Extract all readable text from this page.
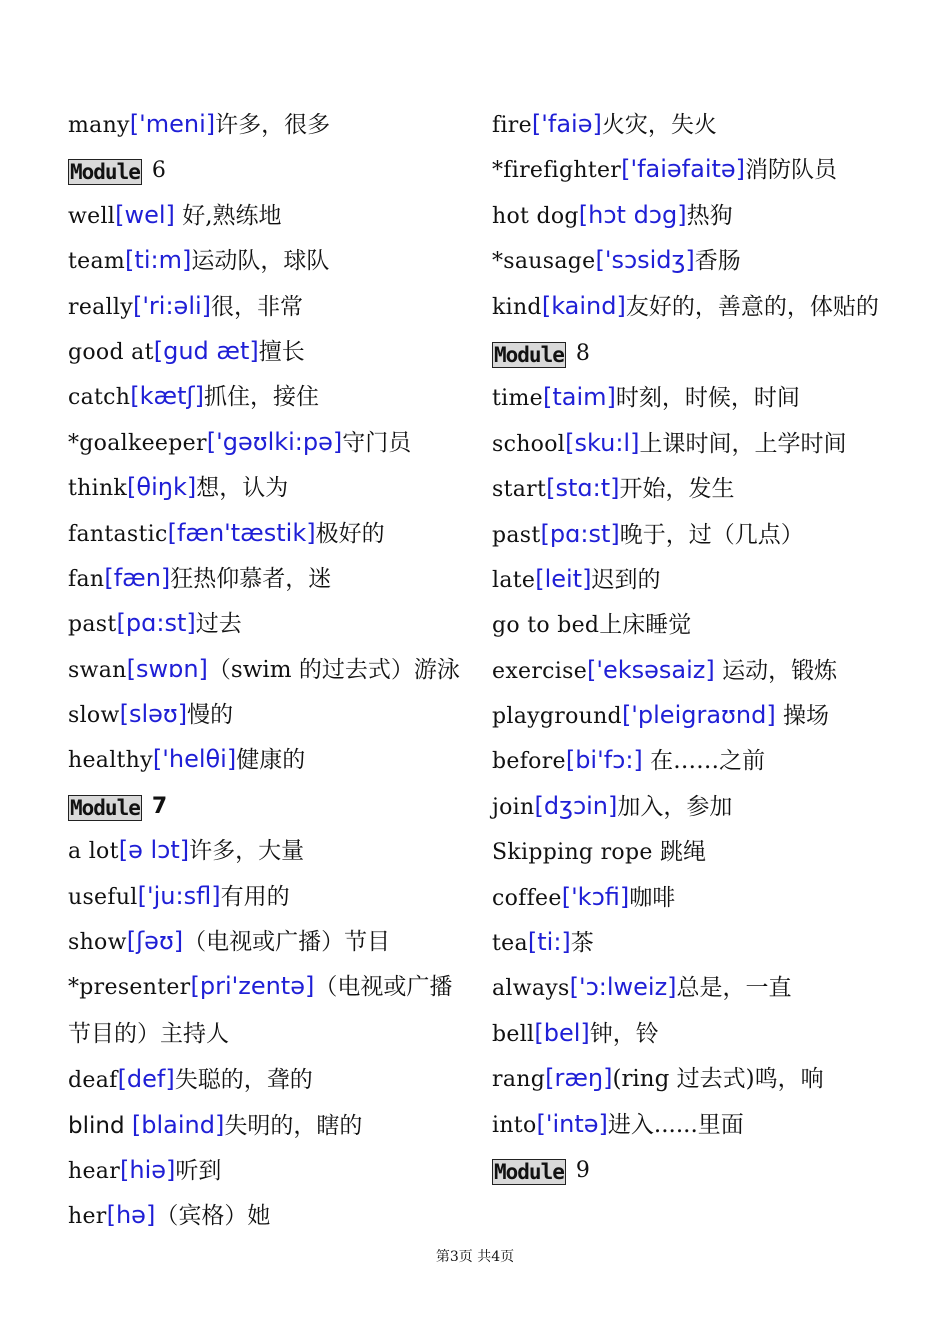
many['meni]许多，很多
Module 6
well[wel] 好,熟练地
team[ti:m]运动队，球队
really['ri:əli]很，非常
good at[gud æt]擅长
catch[kætʃ]抓住，接住
*goalkeeper['gəʊlki:pə]守门员
think[θiŋk]想，认为
fantastic[fæn'tæstik]极好的
fan[fæn]狂热仰慕者，迷
past[pɑ:st]过去
swan[swɒn]（swim 的过去式）游泳
slow[sləʊ]慢的
healthy['helθi]健康的
Module 7
a lot[ə lɔt]许多，大量
useful['ju:sfl]有用的
show[ʃəʊ]（电视或广播）节目
*presenter[pri'zentə]（电视或广播节目的）主持人
deaf[def]失聪的，聋的
blind [blaind]失明的，瞎的
hear[hiə]听到
her[hə]（宾格）她
fire['faiə]火灾，失火
*firefighter['faiəfaitə]消防队员
hot dog[hɔt dɔg]热狗
*sausage['sɔsidʒ]香肠
kind[kaind]友好的，善意的，体贴的
Module 8
time[taim]时刻，时候，时间
school[sku:l]上课时间，上学时间
start[stɑ:t]开始，发生
past[pɑ:st]晚于，过（几点）
late[leit]迟到的
go to bed上床睡觉
exercise['eksəsaiz] 运动，锻炼
playground['pleigraʊnd] 操场
before[bi'fɔ:] 在……之前
join[dʒɔin]加入，参加
Skipping rope 跳绳
coffee['kɔfi]咖啡
tea[ti:]茶
always['ɔ:lweiz]总是，一直
bell[bel]钟，铃
rang[ræŋ](ring 过去式)鸣，响
into['intə]进入......里面
Module 9
第3页 共4页
